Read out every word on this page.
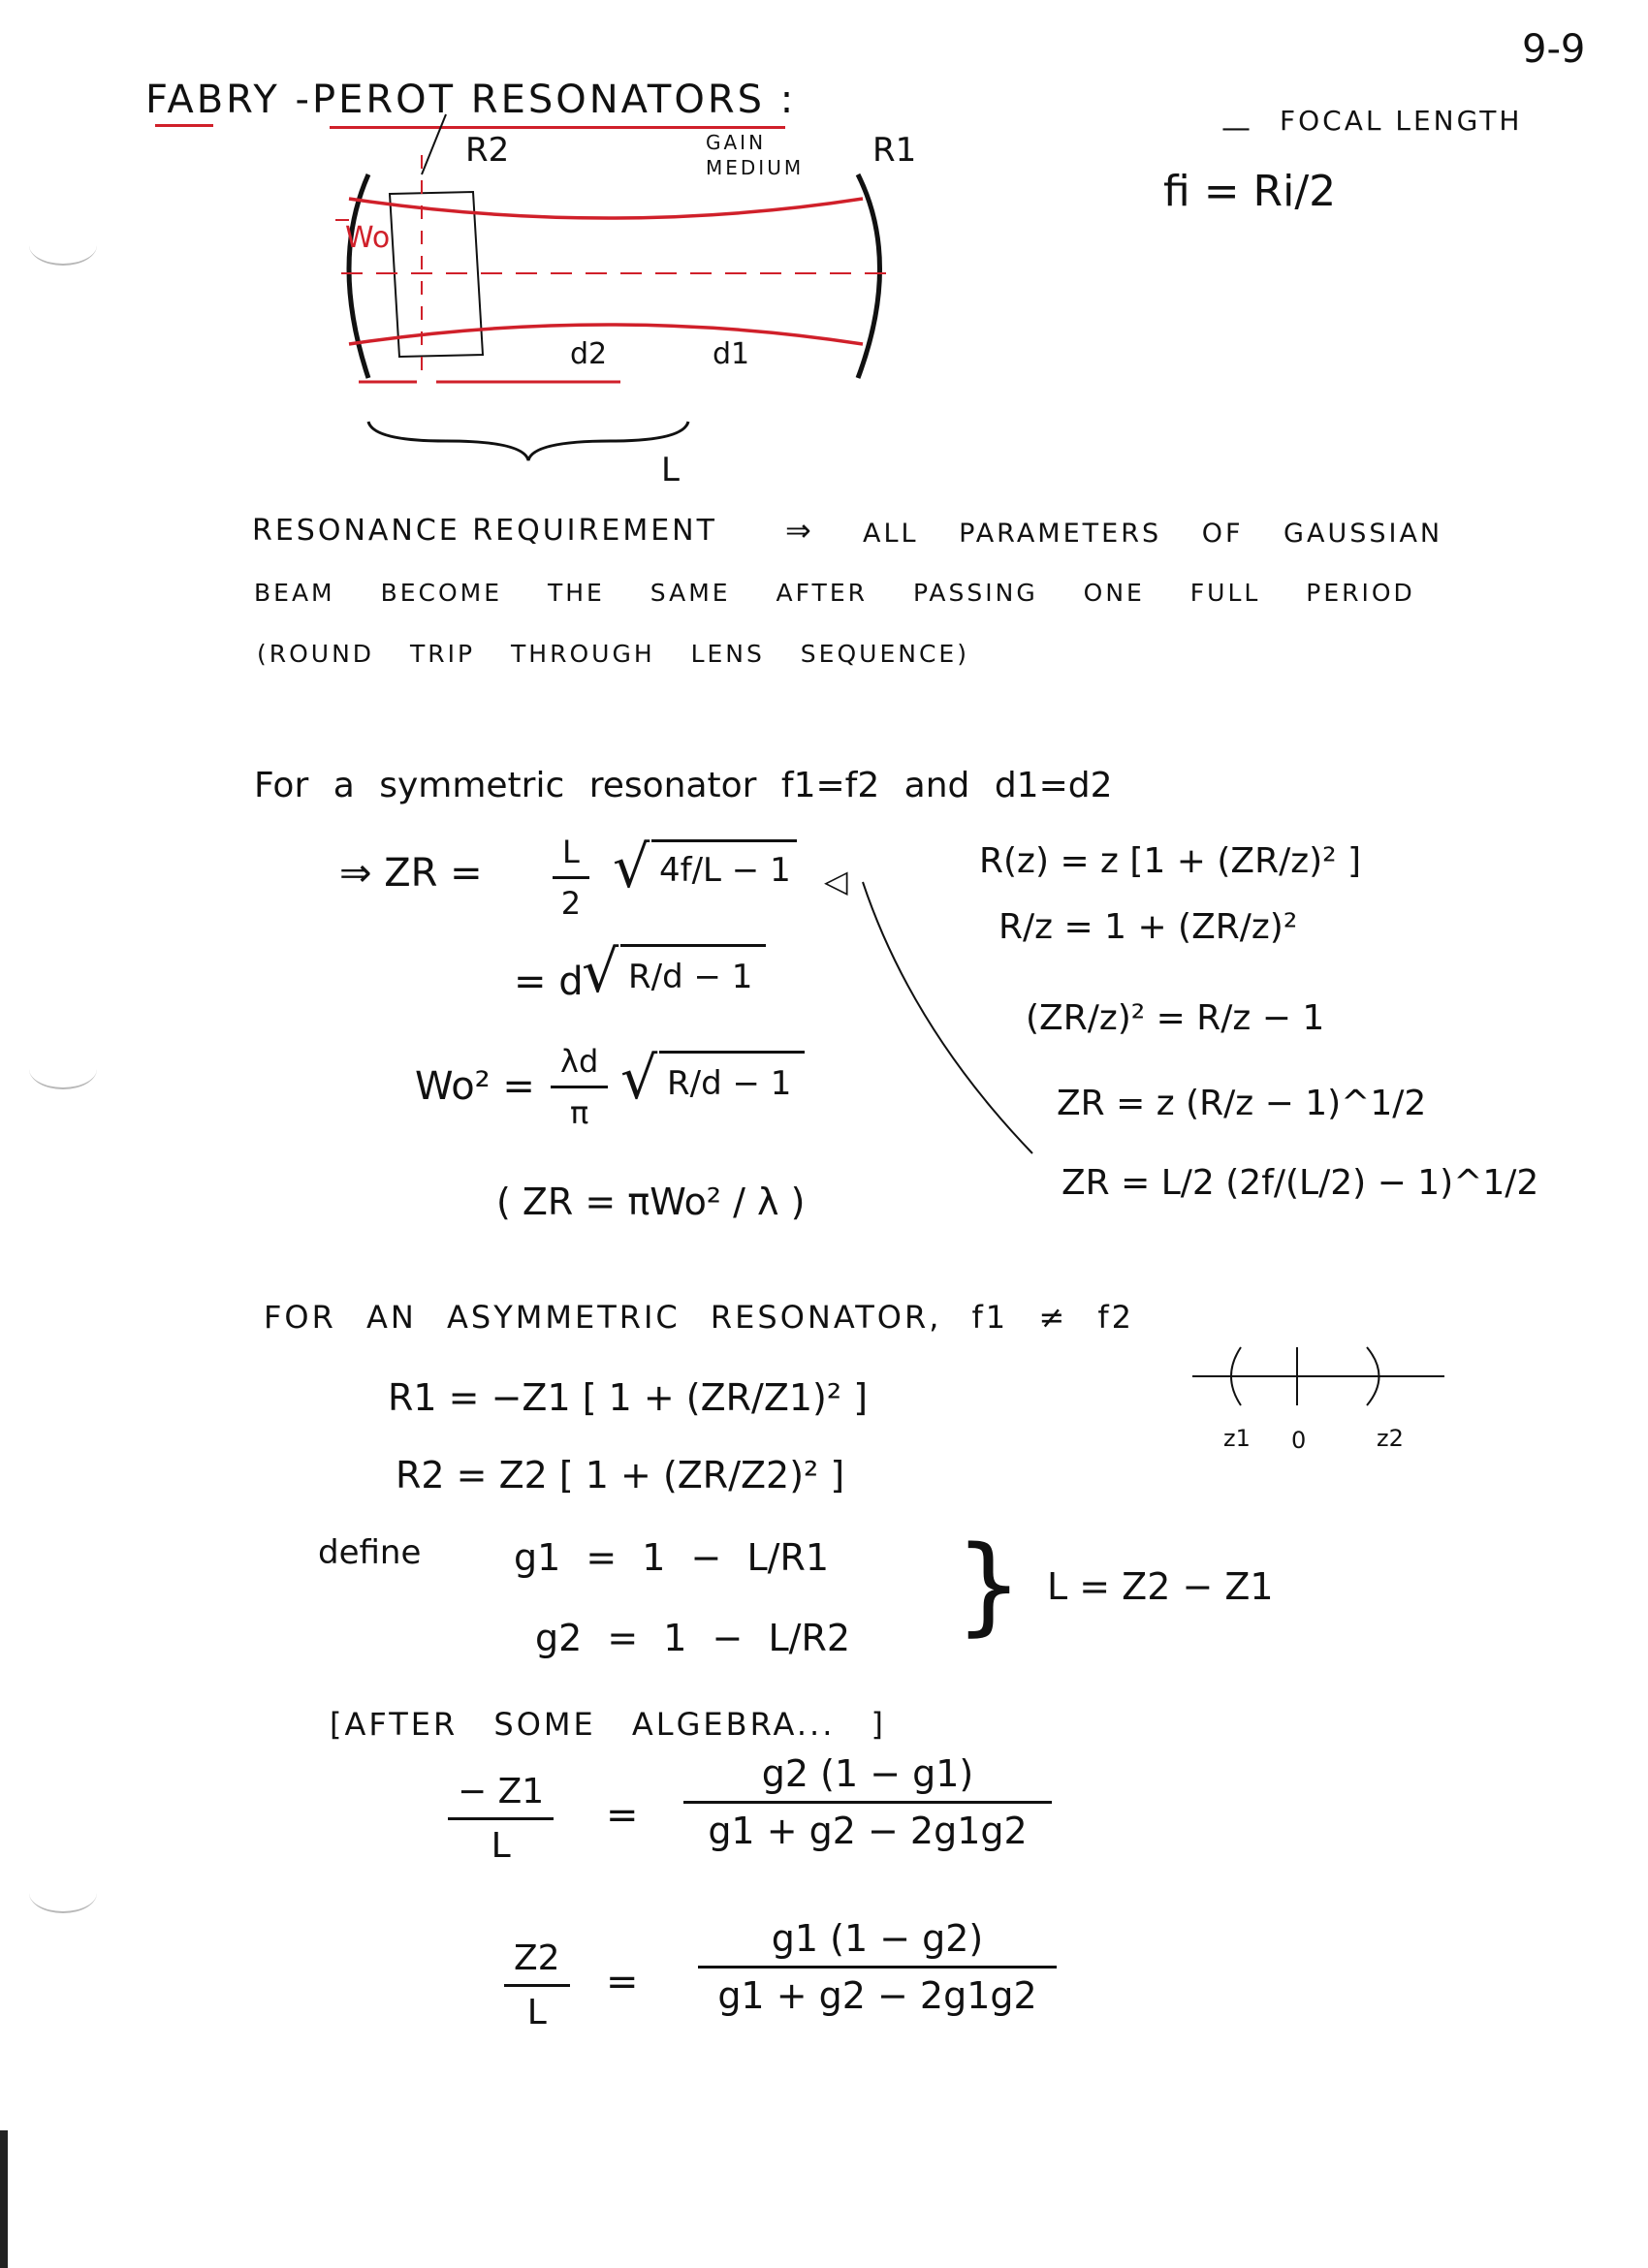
9-9
FABRY -PEROT RESONATORS :
R2	R1
GAIN MEDIUM
Wo
d2	d1
L
— FOCAL LENGTH
fi = Ri/2
RESONANCE REQUIREMENT ⇒ ALL PARAMETERS OF GAUSSIAN
BEAM BECOME THE SAME AFTER PASSING ONE FULL PERIOD
(ROUND TRIP THROUGH LENS SEQUENCE)
For a symmetric resonator f1=f2 and d1=d2
⇒ ZR = $\frac{L}{2}$ √ 4f/L − 1 ◁
= d
√ R/d − 1
$Wo^2 = \frac{\lambda d}{\pi}$ √ R/d − 1
( ZR = πWo² / λ )
R(z) = z [1 + (ZR/z)² ]
R/z = 1 + (ZR/z)²
(ZR/z)² = R/z − 1
ZR = z (R/z − 1)^1/2
ZR = L/2 (2f/(L/2) − 1)^1/2
FOR AN ASYMMETRIC RESONATOR, f1 ≠ f2
R1 = −Z1 [ 1 + (ZR/Z1)² ]
R2 = Z2 [ 1 + (ZR/Z2)² ]
z1 0	z2
define	g1 = 1 − L/R1
g2 = 1 − L/R2 } L = Z2 − Z1
[AFTER SOME ALGEBRA... ]
$\frac{- Z1}{L} = \frac{g2 (1 - g1)}{g1 + g2 - 2g1g2}$
$\frac{Z2}{L} = \frac{g1 (1 - g2)}{g1 + g2 - 2g1g2}$
